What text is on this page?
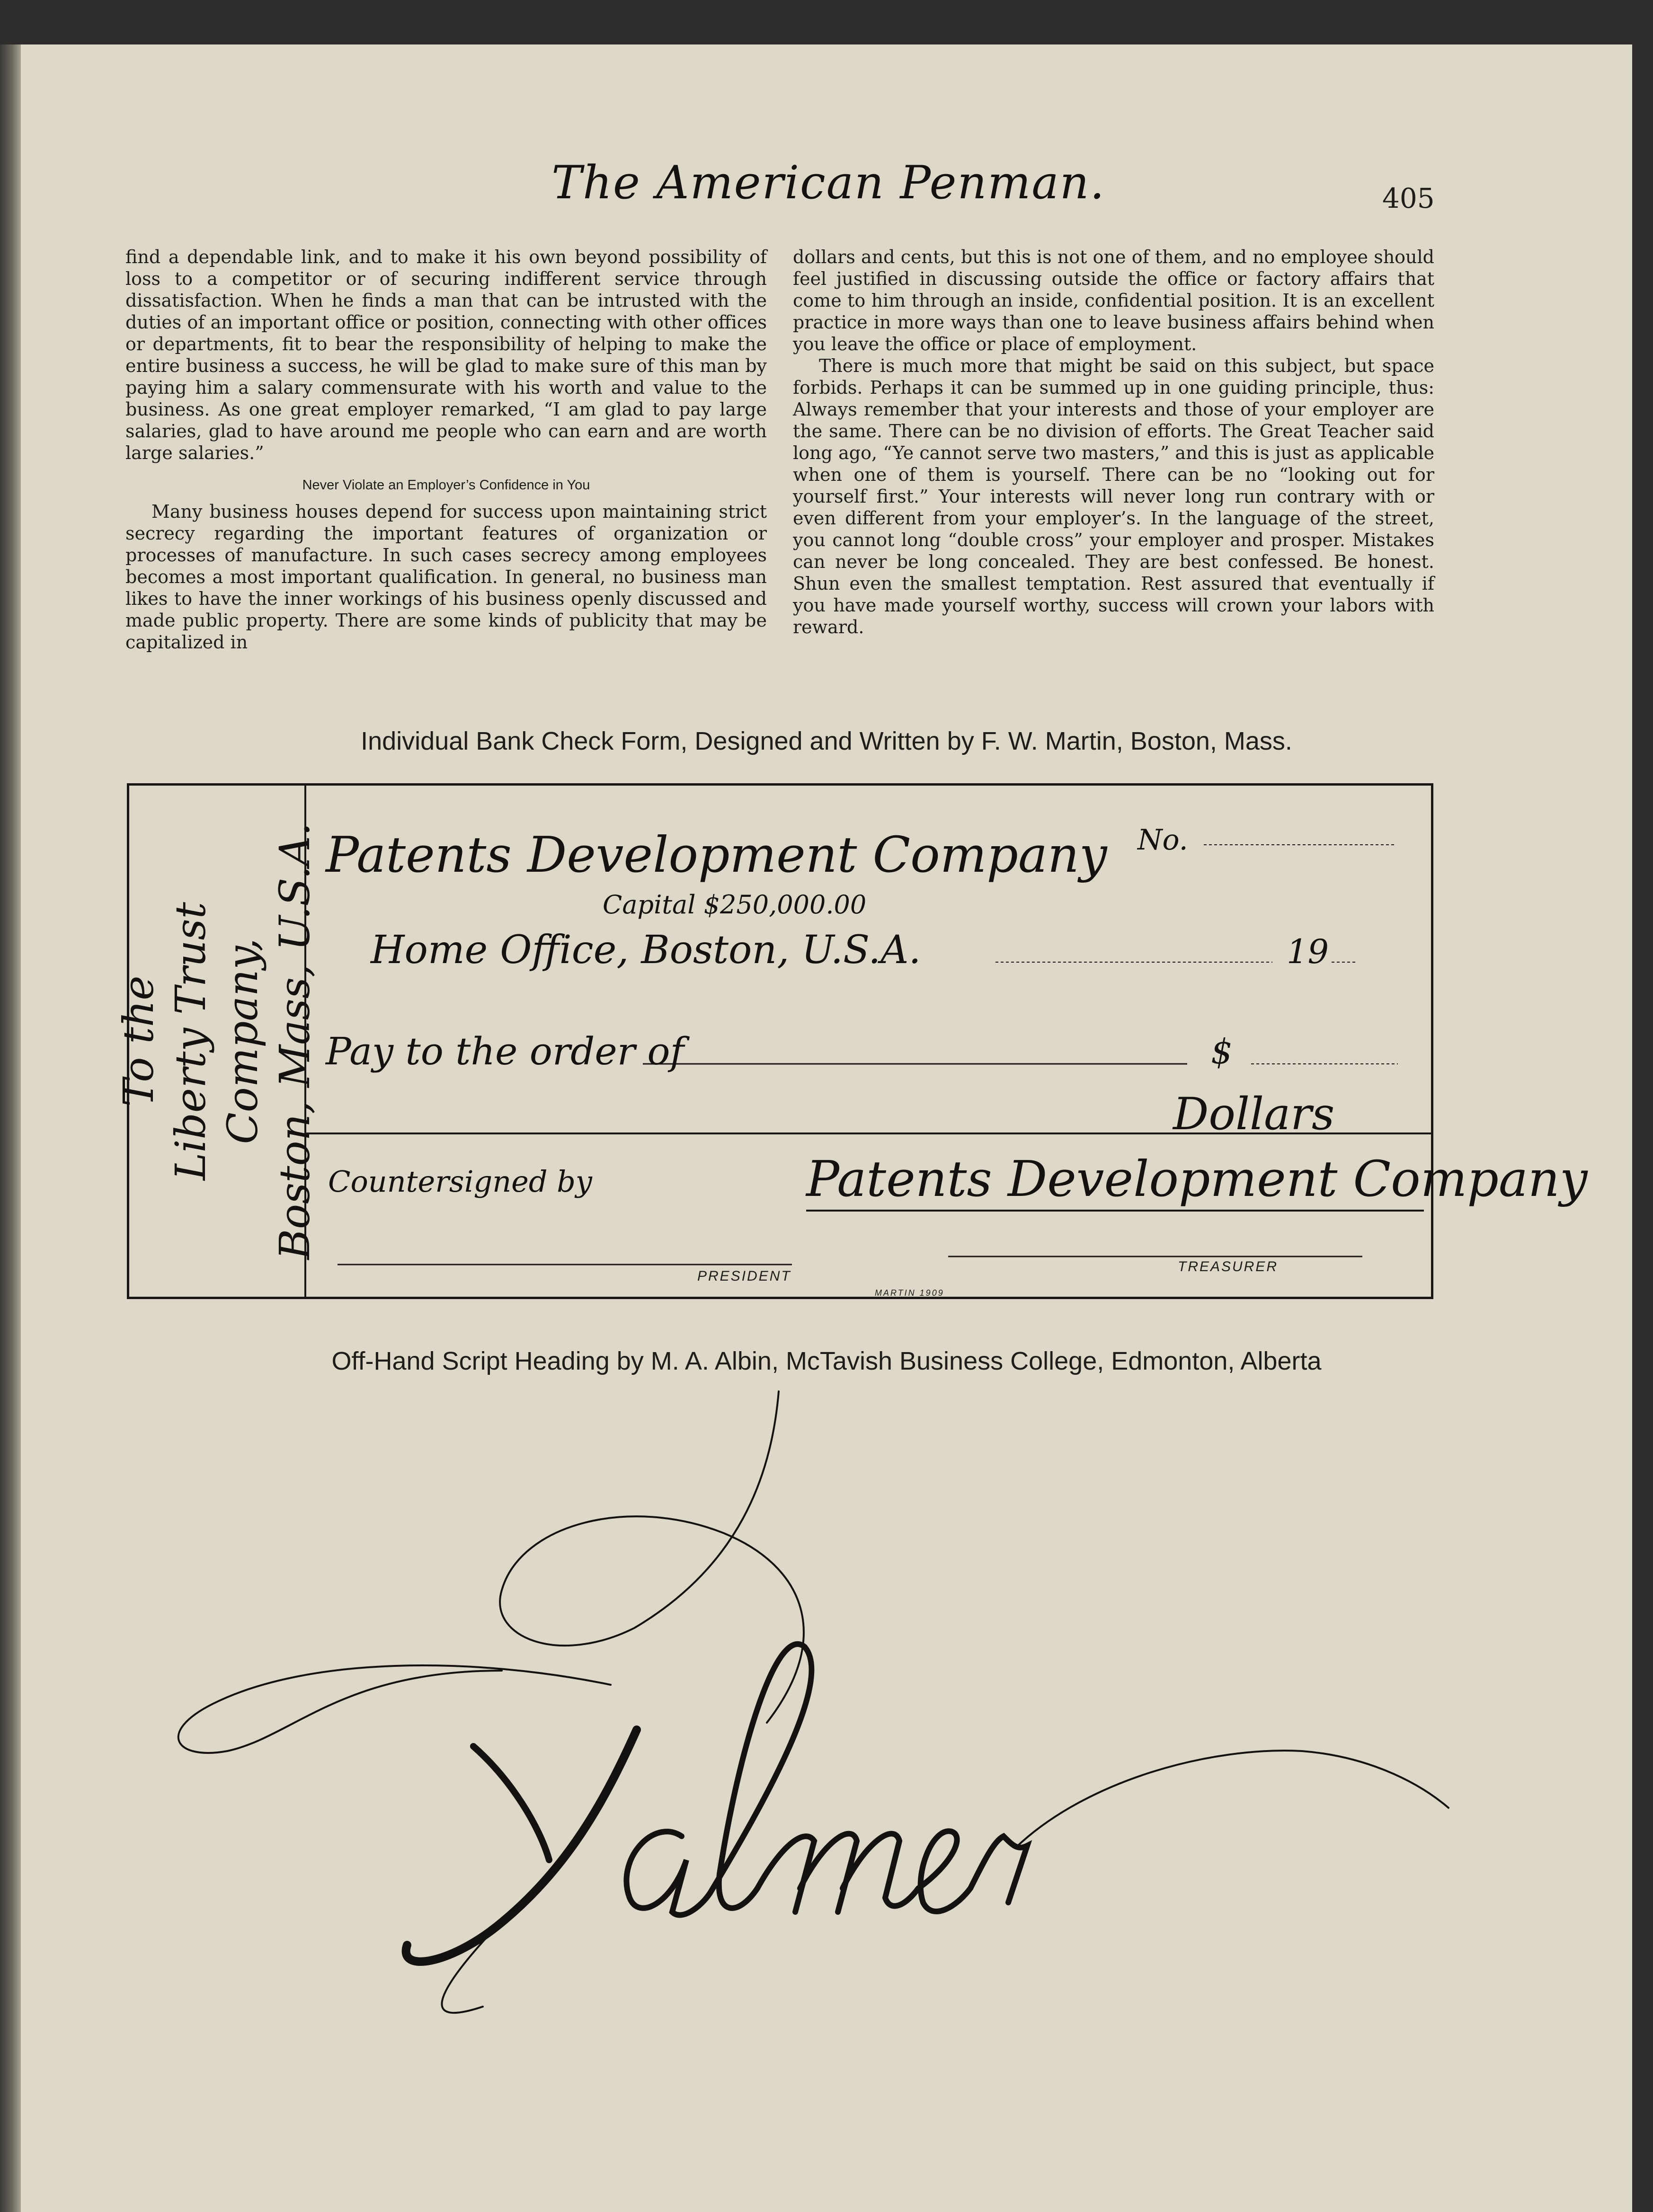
The American Penman.	405

find a dependable link, and to make it his own beyond possibility of loss to a competitor or of securing indifferent service through dissatisfaction. When he finds a man that can be intrusted with the duties of an important office or position, connecting with other offices or departments, fit to bear the responsibility of helping to make the entire business a success, he will be glad to make sure of this man by paying him a salary commensurate with his worth and value to the business. As one great employer remarked, “I am glad to pay large salaries, glad to have around me people who can earn and are worth large salaries.”

Never Violate an Employer’s Confidence in You

Many business houses depend for success upon maintaining strict secrecy regarding the important features of organization or processes of manufacture. In such cases secrecy among employees becomes a most important qualification. In general, no business man likes to have the inner workings of his business openly discussed and made public property. There are some kinds of publicity that may be capitalized in

dollars and cents, but this is not one of them, and no employee should feel justified in discussing outside the office or factory affairs that come to him through an inside, confidential position. It is an excellent practice in more ways than one to leave business affairs behind when you leave the office or place of employment.

There is much more that might be said on this subject, but space forbids. Perhaps it can be summed up in one guiding principle, thus: Always remember that your interests and those of your employer are the same. There can be no division of efforts. The Great Teacher said long ago, “Ye cannot serve two masters,” and this is just as applicable when one of them is yourself. There can be no “looking out for yourself first.” Your interests will never long run contrary with or even different from your employer’s. In the language of the street, you cannot long “double cross” your employer and prosper. Mistakes can never be long concealed. They are best confessed. Be honest. Shun even the smallest temptation. Rest assured that eventually if you have made yourself worthy, success will crown your labors with reward.

Individual Bank Check Form, Designed and Written by F. W. Martin, Boston, Mass.
To the Liberty Trust Company, Boston, Mass, U.S.A. Patents Development Company No.
Capital $250,000.00
Home Office, Boston, U.S.A.	19
Pay to the order of	$
Dollars
Countersigned by	Patents Development Company
PRESIDENT
TREASURER
MARTIN 1909
Off-Hand Script Heading by M. A. Albin, McTavish Business College, Edmonton, Alberta
